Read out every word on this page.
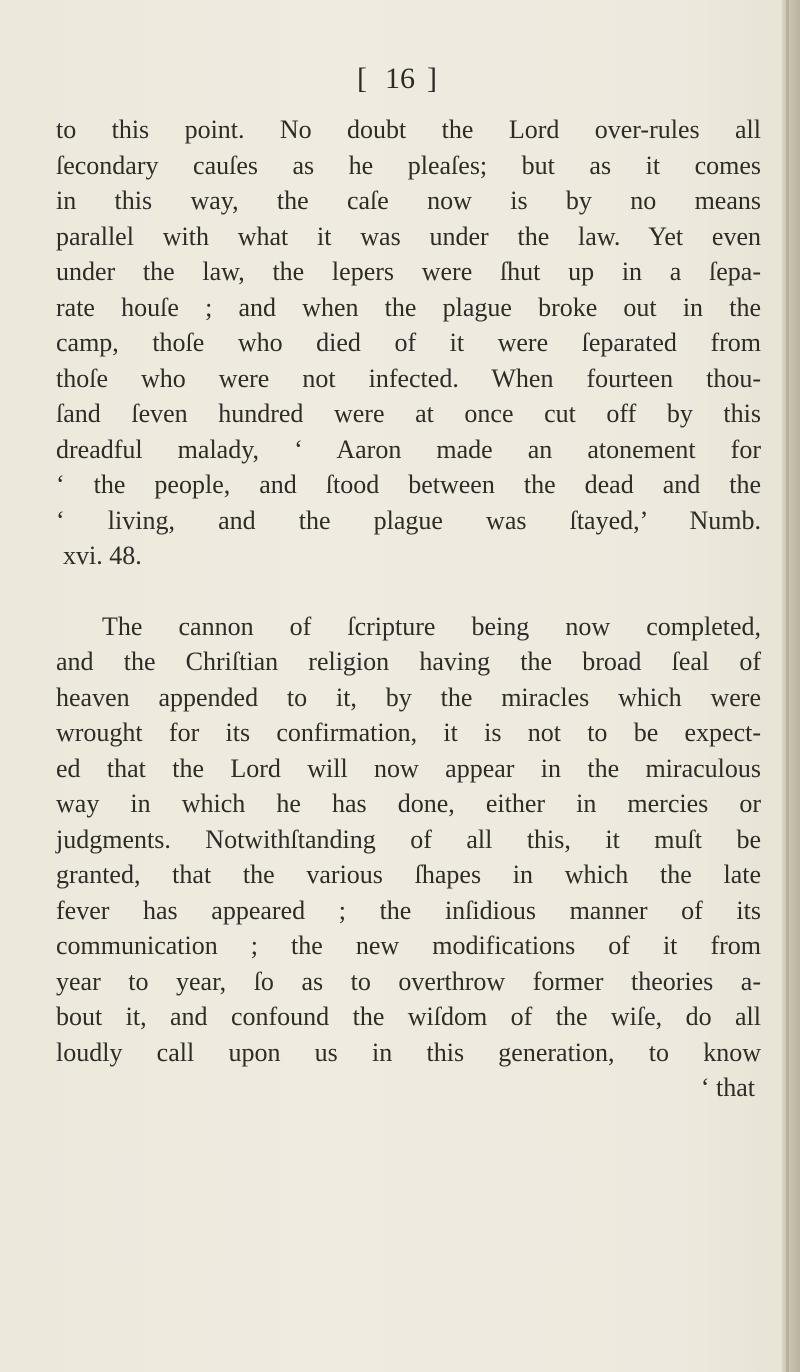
[ 16 ]
to this point. No doubt the Lord over-rules all
ſecondary cauſes as he pleaſes; but as it comes
in this way, the caſe now is by no means
parallel with what it was under the law. Yet even
under the law, the lepers were ſhut up in a ſepa-
rate houſe ; and when the plague broke out in the
camp, thoſe who died of it were ſeparated from
thoſe who were not infected. When fourteen thou-
ſand ſeven hundred were at once cut off by this
dreadful malady, ‘ Aaron made an atonement for
‘ the people, and ſtood between the dead and the
‘ living, and the plague was ſtayed,’ Numb.
xvi. 48.
The cannon of ſcripture being now completed,
and the Chriſtian religion having the broad ſeal of
heaven appended to it, by the miracles which were
wrought for its confirmation, it is not to be expect-
ed that the Lord will now appear in the miraculous
way in which he has done, either in mercies or
judgments. Notwithſtanding of all this, it muſt be
granted, that the various ſhapes in which the late
fever has appeared ; the inſidious manner of its
communication ; the new modifications of it from
year to year, ſo as to overthrow former theories a-
bout it, and confound the wiſdom of the wiſe, do all
loudly call upon us in this generation, to know
‘ that
